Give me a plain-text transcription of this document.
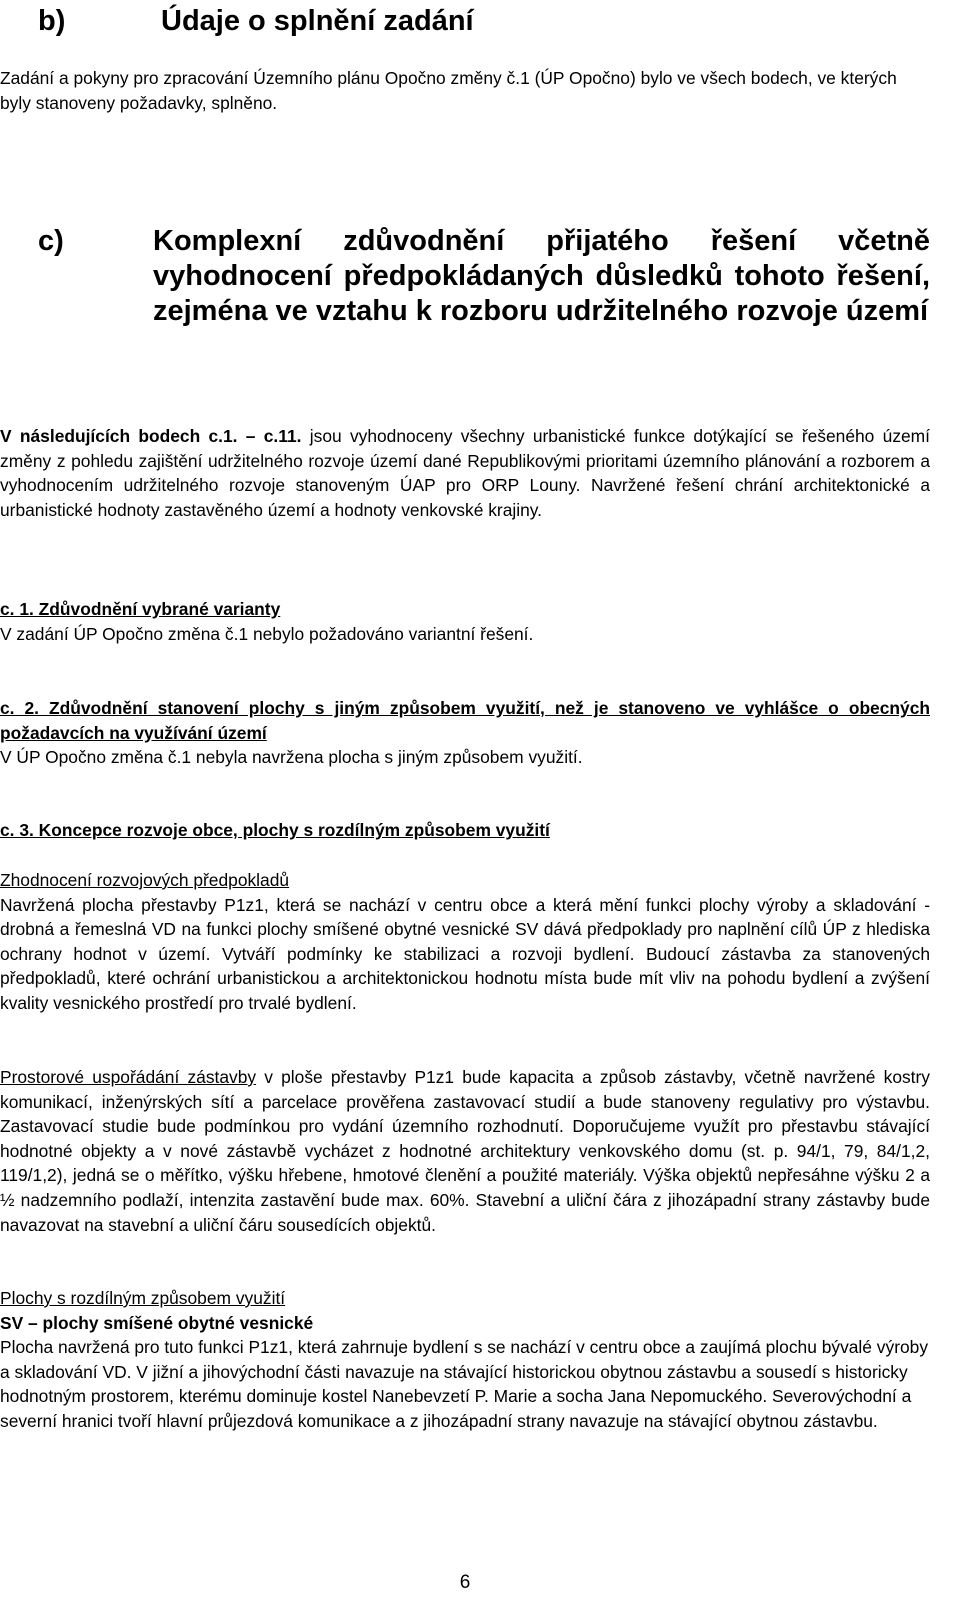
b)	Údaje o splnění zadání

Zadání a pokyny pro zpracování Územního plánu Opočno změny č.1 (ÚP Opočno) bylo ve všech bodech, ve kterých byly stanoveny požadavky, splněno.

c)	Komplexní zdůvodnění přijatého řešení včetně vyhodnocení předpokládaných důsledků tohoto řešení, zejména ve vztahu k rozboru udržitelného rozvoje území
V následujících bodech c.1. – c.11. jsou vyhodnoceny všechny urbanistické funkce dotýkající se řešeného území změny z pohledu zajištění udržitelného rozvoje území dané Republikovými prioritami územního plánování a rozborem a vyhodnocením udržitelného rozvoje stanoveným ÚAP pro ORP Louny. Navržené řešení chrání architektonické a urbanistické hodnoty zastavěného území a hodnoty venkovské krajiny.
c. 1. Zdůvodnění vybrané varianty
V zadání ÚP Opočno změna č.1 nebylo požadováno variantní řešení.
c. 2. Zdůvodnění stanovení plochy s jiným způsobem využití, než je stanoveno ve vyhlášce o obecných požadavcích na využívání území
V ÚP Opočno změna č.1 nebyla navržena plocha s jiným způsobem využití.
c. 3. Koncepce rozvoje obce, plochy s rozdílným způsobem využití
Zhodnocení rozvojových předpokladů
Navržená plocha přestavby P1z1, která se nachází v centru obce a která mění funkci plochy výroby a skladování - drobná a řemeslná VD na funkci plochy smíšené obytné vesnické SV dává předpoklady pro naplnění cílů ÚP z hlediska ochrany hodnot v území. Vytváří podmínky ke stabilizaci a rozvoji bydlení. Budoucí zástavba za stanovených předpokladů, které ochrání urbanistickou a architektonickou hodnotu místa bude mít vliv na pohodu bydlení a zvýšení kvality vesnického prostředí pro trvalé bydlení.
Prostorové uspořádání zástavby v ploše přestavby P1z1 bude kapacita a způsob zástavby, včetně navržené kostry komunikací, inženýrských sítí a parcelace prověřena zastavovací studií a bude stanoveny regulativy pro výstavbu. Zastavovací studie bude podmínkou pro vydání územního rozhodnutí. Doporučujeme využít pro přestavbu stávající hodnotné objekty a v nové zástavbě vycházet z hodnotné architektury venkovského domu (st. p. 94/1, 79, 84/1,2, 119/1,2), jedná se o měřítko, výšku hřebene, hmotové členění a použité materiály. Výška objektů nepřesáhne výšku 2 a ½ nadzemního podlaží, intenzita zastavění bude max. 60%. Stavební a uliční čára z jihozápadní strany zástavby bude navazovat na stavební a uliční čáru sousedících objektů.
Plochy s rozdílným způsobem využití
SV – plochy smíšené obytné vesnické
Plocha navržená pro tuto funkci P1z1, která zahrnuje bydlení s se nachází v centru obce a zaujímá plochu bývalé výroby a skladování VD. V jižní a jihovýchodní části navazuje na stávající historickou obytnou zástavbu a sousedí s historicky hodnotným prostorem, kterému dominuje kostel Nanebevzetí P. Marie a socha Jana Nepomuckého. Severovýchodní a severní hranici tvoří hlavní průjezdová komunikace a z jihozápadní strany navazuje na stávající obytnou zástavbu.
6
